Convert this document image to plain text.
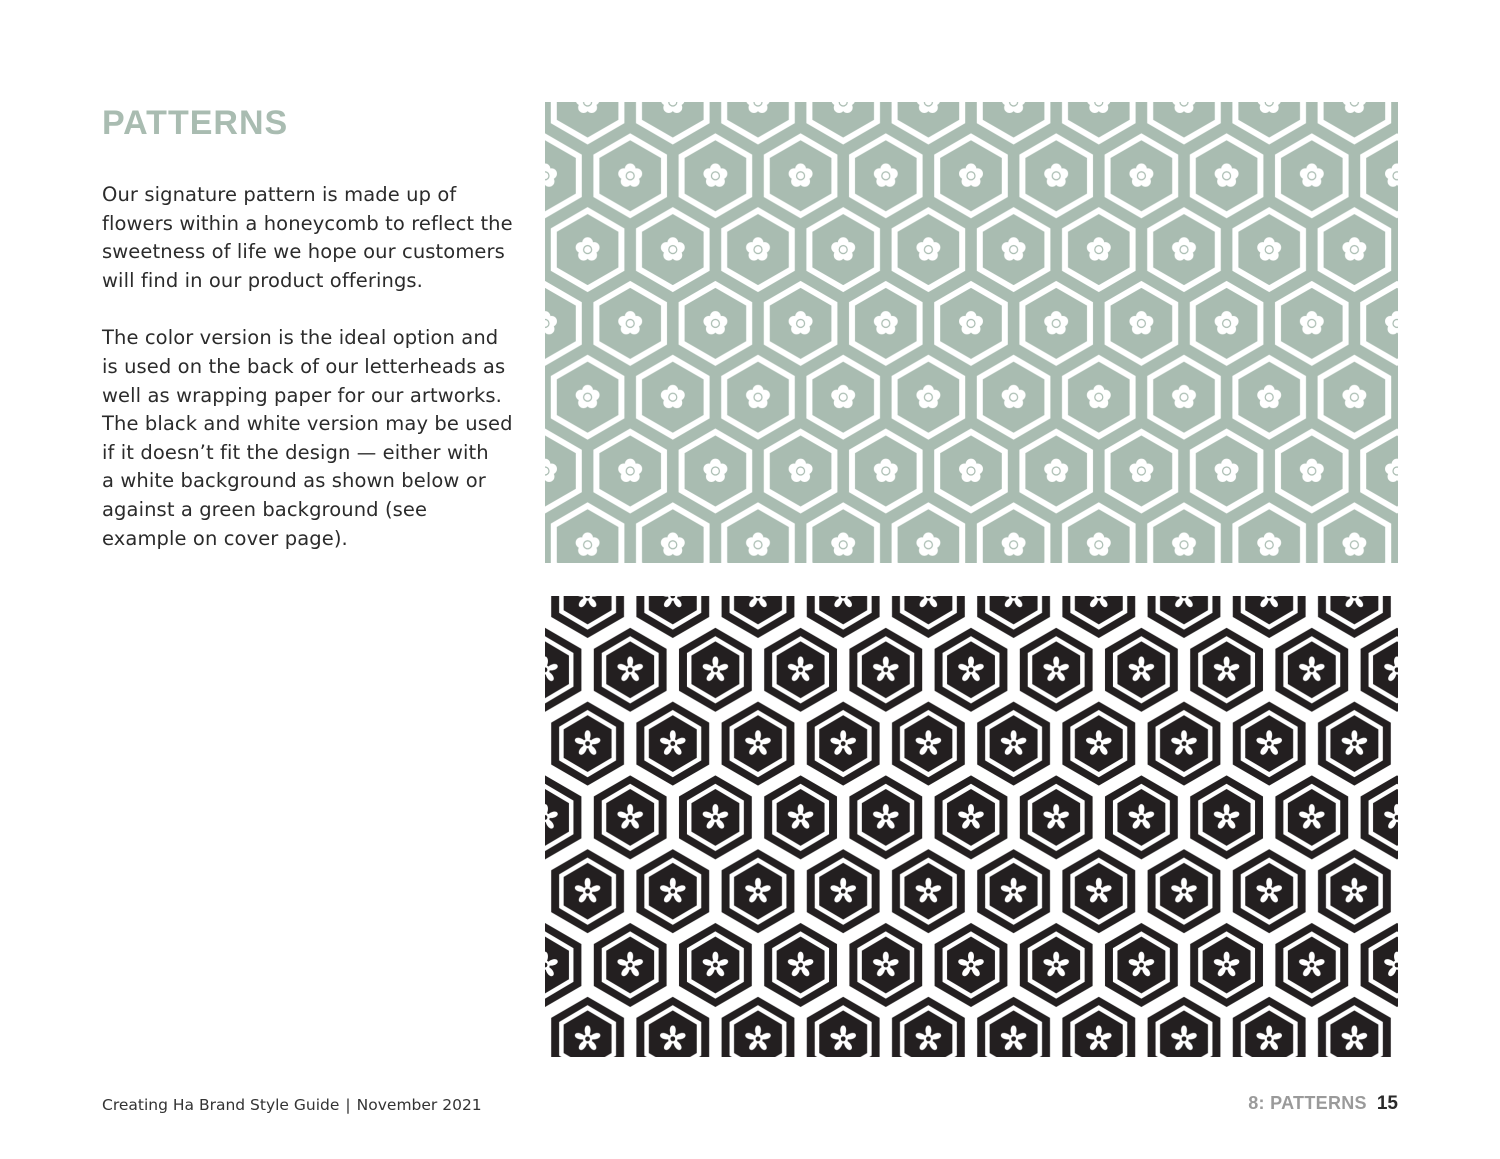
PATTERNS

Our signature pattern is made up of
flowers within a honeycomb to reflect the
sweetness of life we hope our customers
will find in our product offerings.

The color version is the ideal option and
is used on the back of our letterheads as
well as wrapping paper for our artworks.
The black and white version may be used
if it doesn’t fit the design — either with
a white background as shown below or
against a green background (see
example on cover page).

Creating Ha Brand Style Guide | November 2021	8: PATTERNS 15
